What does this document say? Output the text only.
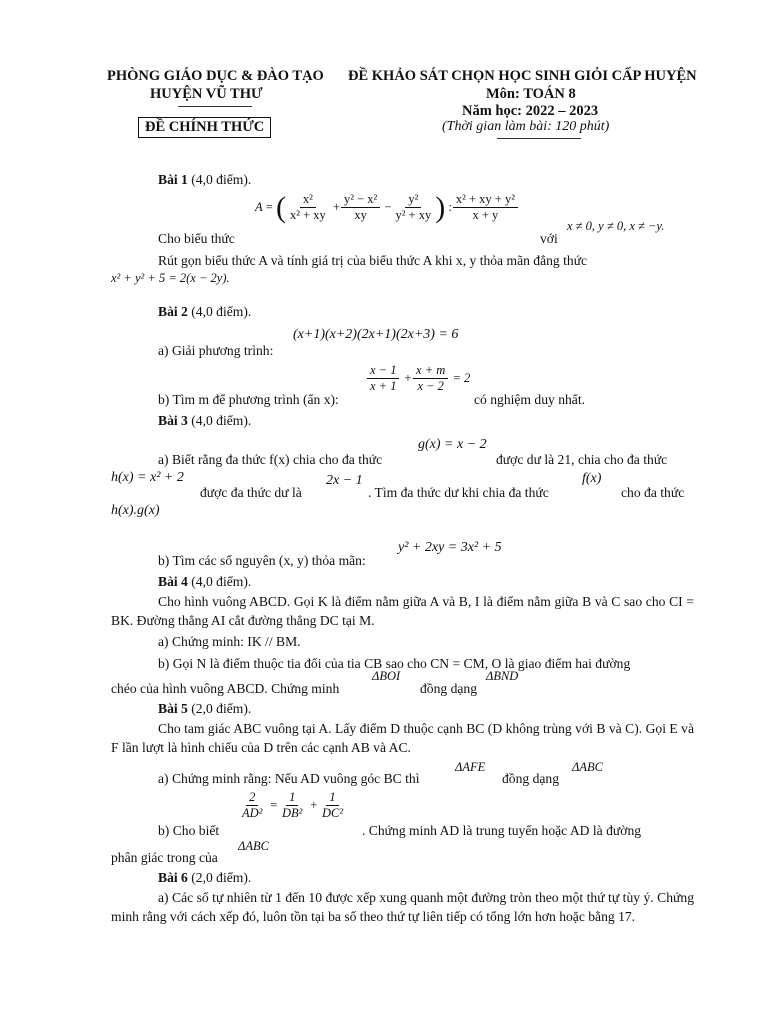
PHÒNG GIÁO DỤC & ĐÀO TẠO
HUYỆN VŨ THƯ
ĐỀ CHÍNH THỨC
ĐỀ KHẢO SÁT CHỌN HỌC SINH GIỎI CẤP HUYỆN
Môn: TOÁN 8
Năm học: 2022 – 2023
(Thời gian làm bài: 120 phút)
Bài 1 (4,0 điểm).
A = ( $\frac{\text{x²}}{\text{x² + xy}} + \frac{\text{y² − x²}}{xy} - \frac{\text{y²}}{\text{y² + xy}}$ ) : $\frac{\text{x² + xy + y²}}{x + y}$
Cho biểu thức	với
x ≠ 0, y ≠ 0, x ≠ −y.
Rút gọn biểu thức A và tính giá trị của biểu thức A khi x, y thỏa mãn đẳng thức
x² + y² + 5 = 2(x − 2y).
Bài 2 (4,0 điểm).
a) Giải phương trình:
(x+1)(x+2)(2x+1)(2x+3) = 6
b) Tìm m để phương trình (ẩn x):
$\frac{x - 1}{x + 1} + \frac{x + m}{x - 2} = 2$
có nghiệm duy nhất.
Bài 3 (4,0 điểm).
a) Biết rằng đa thức f(x) chia cho đa thức
g(x) = x − 2
được dư là 21, chia cho đa thức
h(x) = x² + 2
được đa thức dư là
2x − 1
. Tìm đa thức dư khi chia đa thức
f(x)
cho đa thức
h(x).g(x)
b) Tìm các số nguyên (x, y) thỏa mãn:
y² + 2xy = 3x² + 5
Bài 4 (4,0 điểm).
Cho hình vuông ABCD. Gọi K là điểm nằm giữa A và B, I là điểm nằm giữa B và C sao cho CI = BK. Đường thẳng AI cắt đường thẳng DC tại M.
a) Chứng minh: IK // BM.
b) Gọi N là điểm thuộc tia đối của tia CB sao cho CN = CM, O là giao điểm hai đường
chéo của hình vuông ABCD. Chứng minh
ΔBOI
đồng dạng
ΔBND
Bài 5 (2,0 điểm).
Cho tam giác ABC vuông tại A. Lấy điểm D thuộc cạnh BC (D không trùng với B và C). Gọi E và F lần lượt là hình chiếu của D trên các cạnh AB và AC.
a) Chứng minh rằng: Nếu AD vuông góc BC thì
ΔAFE
đồng dạng
ΔABC
$\frac{2}{\text{AD²}} = \frac{1}{\text{DB²}} + \frac{1}{\text{DC²}}$
b) Cho biết	. Chứng minh AD là trung tuyến hoặc AD là đường
phân giác trong của
ΔABC
Bài 6 (2,0 điểm).
a) Các số tự nhiên từ 1 đến 10 được xếp xung quanh một đường tròn theo một thứ tự tùy ý. Chứng minh rằng với cách xếp đó, luôn tồn tại ba số theo thứ tự liên tiếp có tổng lớn hơn hoặc bằng 17.
